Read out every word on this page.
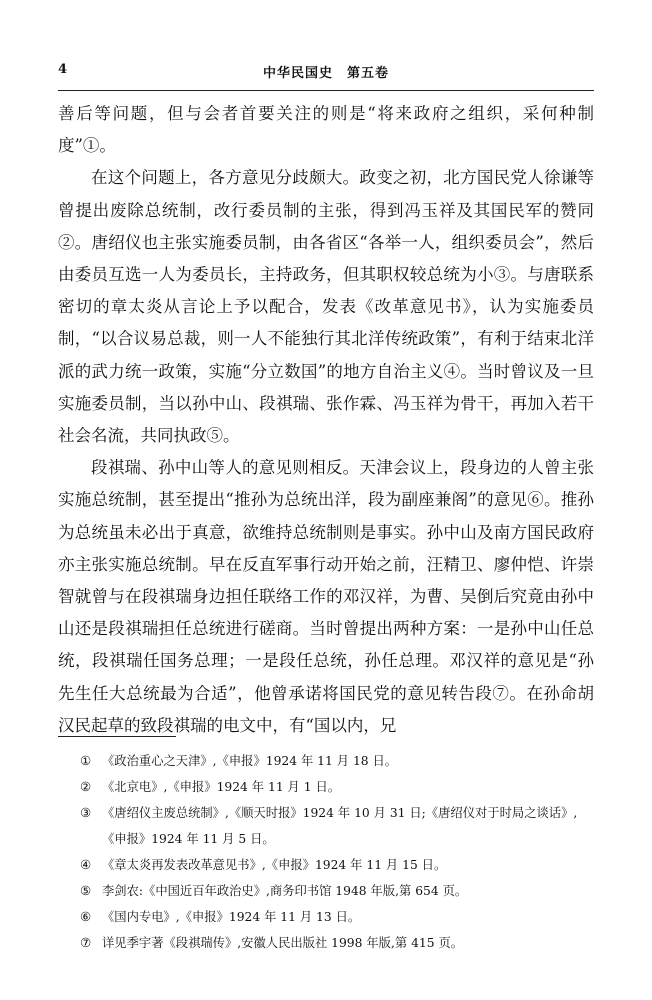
4	中华民国史　第五卷

善后等问题，但与会者首要关注的则是“将来政府之组织，采何种制度”①。

在这个问题上，各方意见分歧颇大。政变之初，北方国民党人徐谦等曾提出废除总统制，改行委员制的主张，得到冯玉祥及其国民军的赞同②。唐绍仪也主张实施委员制，由各省区“各举一人，组织委员会”，然后由委员互选一人为委员长，主持政务，但其职权较总统为小③。与唐联系密切的章太炎从言论上予以配合，发表《改革意见书》，认为实施委员制，“以合议易总裁，则一人不能独行其北洋传统政策”，有利于结束北洋派的武力统一政策，实施“分立数国”的地方自治主义④。当时曾议及一旦实施委员制，当以孙中山、段祺瑞、张作霖、冯玉祥为骨干，再加入若干社会名流，共同执政⑤。

段祺瑞、孙中山等人的意见则相反。天津会议上，段身边的人曾主张实施总统制，甚至提出“推孙为总统出洋，段为副座兼阁”的意见⑥。推孙为总统虽未必出于真意，欲维持总统制则是事实。孙中山及南方国民政府亦主张实施总统制。早在反直军事行动开始之前，汪精卫、廖仲恺、许崇智就曾与在段祺瑞身边担任联络工作的邓汉祥，为曹、吴倒后究竟由孙中山还是段祺瑞担任总统进行磋商。当时曾提出两种方案：一是孙中山任总统，段祺瑞任国务总理；一是段任总统，孙任总理。邓汉祥的意见是“孙先生任大总统最为合适”，他曾承诺将国民党的意见转告段⑦。在孙命胡汉民起草的致段祺瑞的电文中，有“国以内，兄

① 《政治重心之天津》,《申报》1924 年 11 月 18 日。
② 《北京电》,《申报》1924 年 11 月 1 日。
③ 《唐绍仪主废总统制》,《顺天时报》1924 年 10 月 31 日;《唐绍仪对于时局之谈话》,《申报》1924 年 11 月 5 日。
④ 《章太炎再发表改革意见书》,《申报》1924 年 11 月 15 日。
⑤ 李剑农:《中国近百年政治史》,商务印书馆 1948 年版,第 654 页。
⑥ 《国内专电》,《申报》1924 年 11 月 13 日。
⑦ 详见季宇著《段祺瑞传》,安徽人民出版社 1998 年版,第 415 页。
